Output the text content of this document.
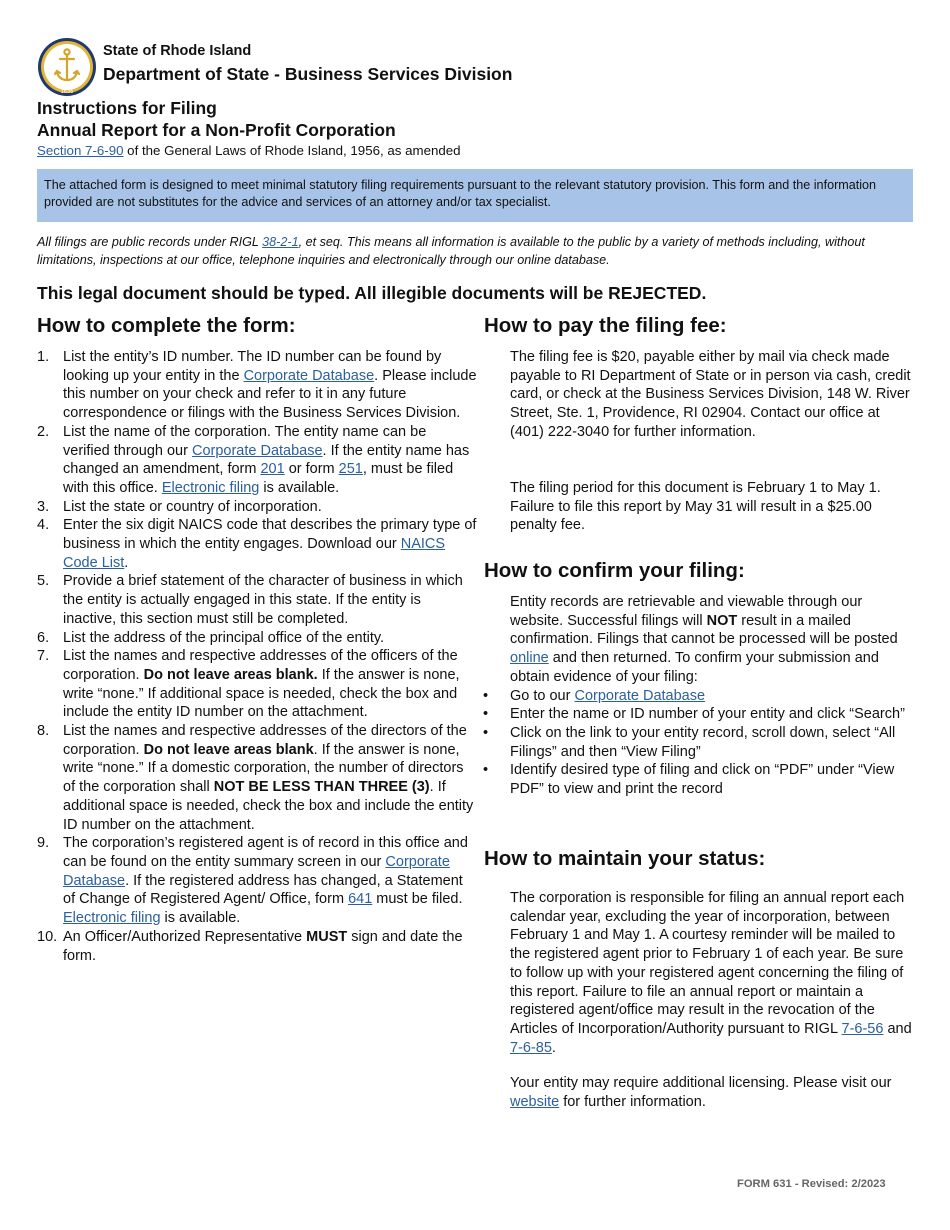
1636
State of Rhode Island
Department of State - Business Services Division
Instructions for Filing
Annual Report for a Non-Profit Corporation
Section 7-6-90 of the General Laws of Rhode Island, 1956, as amended
The attached form is designed to meet minimal statutory filing requirements pursuant to the relevant statutory provision. This form and the information provided are not substitutes for the advice and services of an attorney and/or tax specialist.
All filings are public records under RIGL 38-2-1, et seq. This means all information is available to the public by a variety of methods including, without limitations, inspections at our office, telephone inquiries and electronically through our online database.
This legal document should be typed. All illegible documents will be REJECTED.
How to complete the form:
1. List the entity’s ID number. The ID number can be found by looking up your entity in the Corporate Database. Please include this number on your check and refer to it in any future correspondence or filings with the Business Services Division.
2. List the name of the corporation. The entity name can be verified through our Corporate Database. If the entity name has changed an amendment, form 201 or form 251, must be filed with this office. Electronic filing is available.
3. List the state or country of incorporation.
4. Enter the six digit NAICS code that describes the primary type of business in which the entity engages. Download our NAICS Code List.
5. Provide a brief statement of the character of business in which the entity is actually engaged in this state. If the entity is inactive, this section must still be completed.
6. List the address of the principal office of the entity.
7. List the names and respective addresses of the officers of the corporation. Do not leave areas blank. If the answer is none, write “none.” If additional space is needed, check the box and include the entity ID number on the attachment.
8. List the names and respective addresses of the directors of the corporation. Do not leave areas blank. If the answer is none, write “none.” If a domestic corporation, the number of directors of the corporation shall NOT BE LESS THAN THREE (3). If additional space is needed, check the box and include the entity ID number on the attachment.
9. The corporation’s registered agent is of record in this office and can be found on the entity summary screen in our Corporate Database. If the registered address has changed, a Statement of Change of Registered Agent/ Office, form 641 must be filed. Electronic filing is available.
10. An Officer/Authorized Representative MUST sign and date the form.
How to pay the filing fee:
The filing fee is $20, payable either by mail via check made payable to RI Department of State or in person via cash, credit card, or check at the Business Services Division, 148 W. River Street, Ste. 1, Providence, RI 02904. Contact our office at (401) 222-3040 for further information.
The filing period for this document is February 1 to May 1. Failure to file this report by May 31 will result in a $25.00 penalty fee.
How to confirm your filing:
Entity records are retrievable and viewable through our website. Successful filings will NOT result in a mailed confirmation. Filings that cannot be processed will be posted online and then returned. To confirm your submission and obtain evidence of your filing:
• Go to our Corporate Database
• Enter the name or ID number of your entity and click “Search”
• Click on the link to your entity record, scroll down, select “All Filings” and then “View Filing”
• Identify desired type of filing and click on “PDF” under “View PDF” to view and print the record
How to maintain your status:
The corporation is responsible for filing an annual report each calendar year, excluding the year of incorporation, between February 1 and May 1. A courtesy reminder will be mailed to the registered agent prior to February 1 of each year. Be sure to follow up with your registered agent concerning the filing of this report. Failure to file an annual report or maintain a registered agent/office may result in the revocation of the Articles of Incorporation/Authority pursuant to RIGL 7-6-56 and 7-6-85.
Your entity may require additional licensing. Please visit our website for further information.
FORM 631 - Revised: 2/2023
